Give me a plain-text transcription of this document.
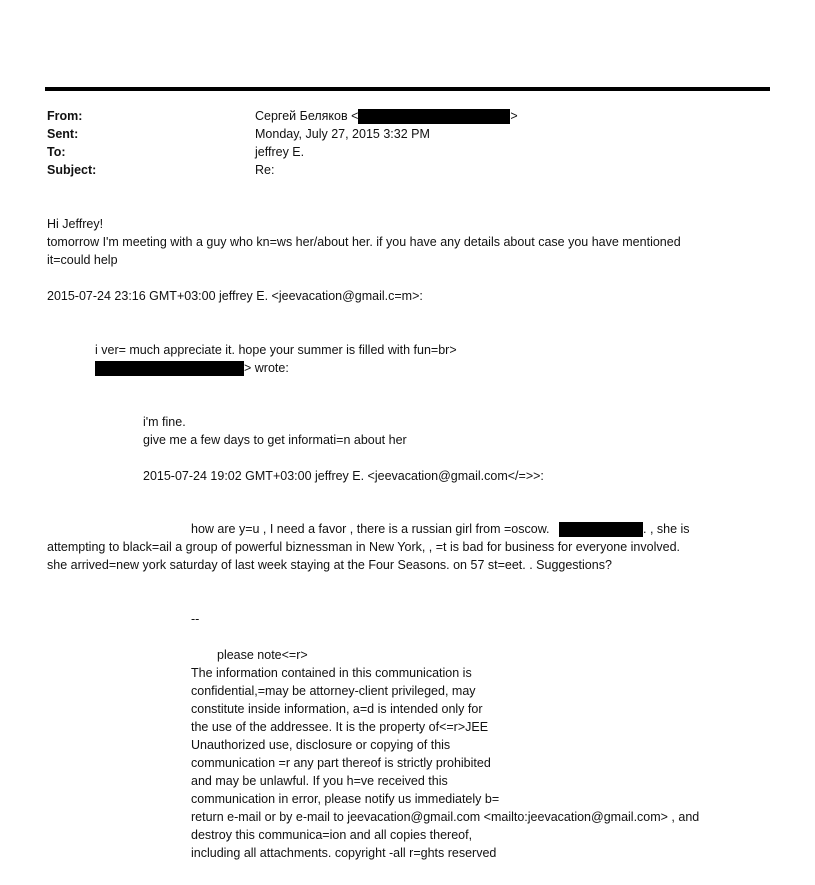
From:
Sent:
To:
Subject:
Сергей Беляков <	>
Monday, July 27, 2015 3:32 PM
jeffrey E.
Re:
Hi Jeffrey!
tomorrow I'm meeting with a guy who kn=ws her/about her. if you have any details about case you have mentioned
it=could help
2015-07-24 23:16 GMT+03:00 jeffrey E. <jeevacation@gmail.c=m>:
i ver= much appreciate it. hope your summer is filled with fun=br>
> wrote:
i'm fine.
give me a few days to get informati=n about her
2015-07-24 19:02 GMT+03:00 jeffrey E. <jeevacation@gmail.com</=>>:
how are y=u , I need a favor , there is a russian girl from =oscow.	. , she is
attempting to black=ail a group of powerful biznessman in New York, , =t is bad for business for everyone involved.
she arrived=new york saturday of last week staying at the Four Seasons. on 57 st=eet. . Suggestions?
--
please note<=r>
The information contained in this communication is
confidential,=may be attorney-client privileged, may
constitute inside information, a=d is intended only for
the use of the addressee. It is the property of<=r>JEE
Unauthorized use, disclosure or copying of this
communication =r any part thereof is strictly prohibited
and may be unlawful. If you h=ve received this
communication in error, please notify us immediately b=
return e-mail or by e-mail to jeevacation@gmail.com <mailto:jeevacation@gmail.com> , and
destroy this communica=ion and all copies thereof,
including all attachments. copyright -all r=ghts reserved
